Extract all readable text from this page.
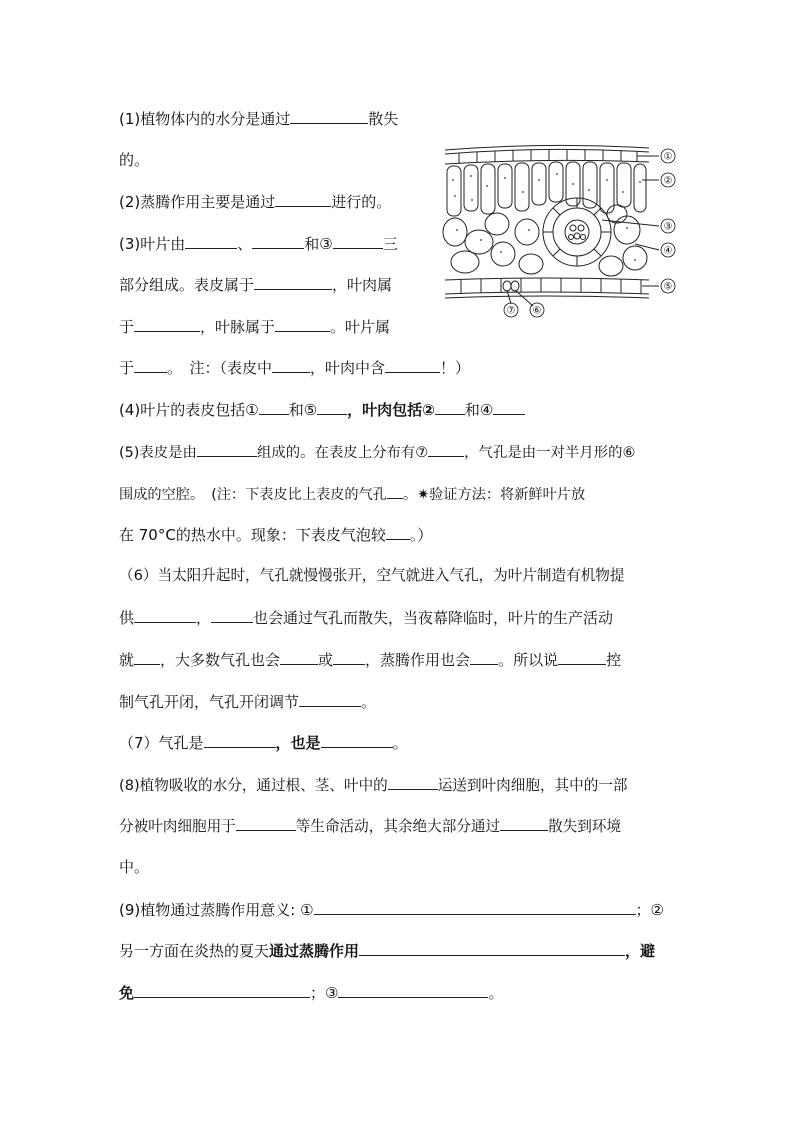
(1)植物体内的水分是通过	散失
的。
(2)蒸腾作用主要是通过	进行的。
(3)叶片由	、	和③	三
部分组成。表皮属于	，叶肉属
于	，叶脉属于	。叶片属
于 。　注：（表皮中	，叶肉中含	！）
(4)叶片的表皮包括① 和⑤ ，叶肉包括② 和④
(5)表皮是由	组成的。在表皮上分布有⑦	，气孔是由一对半月形的⑥
围成的空腔。　(注：下表皮比上表皮的气孔 。✷验证方法：将新鲜叶片放
在 70°C的热水中。现象：下表皮气泡较 。）
（6）当太阳升起时，气孔就慢慢张开，空气就进入气孔，为叶片制造有机物提
供	，	也会通过气孔而散失，当夜幕降临时，叶片的生产活动
就 ，大多数气孔也会	或 ，蒸腾作用也会 。所以说	控
制气孔开闭，气孔开闭调节	。
（7）气孔是	，也是	。
(8)植物吸收的水分，通过根、茎、叶中的	运送到叶肉细胞，其中的一部
分被叶肉细胞用于	等生命活动，其余绝大部分通过	散失到环境
中。
(9)植物通过蒸腾作用意义: ①	；②
另一方面在炎热的夏天通过蒸腾作用	，避
免	；③	。
①
②
③
④
⑤
⑥
⑦
